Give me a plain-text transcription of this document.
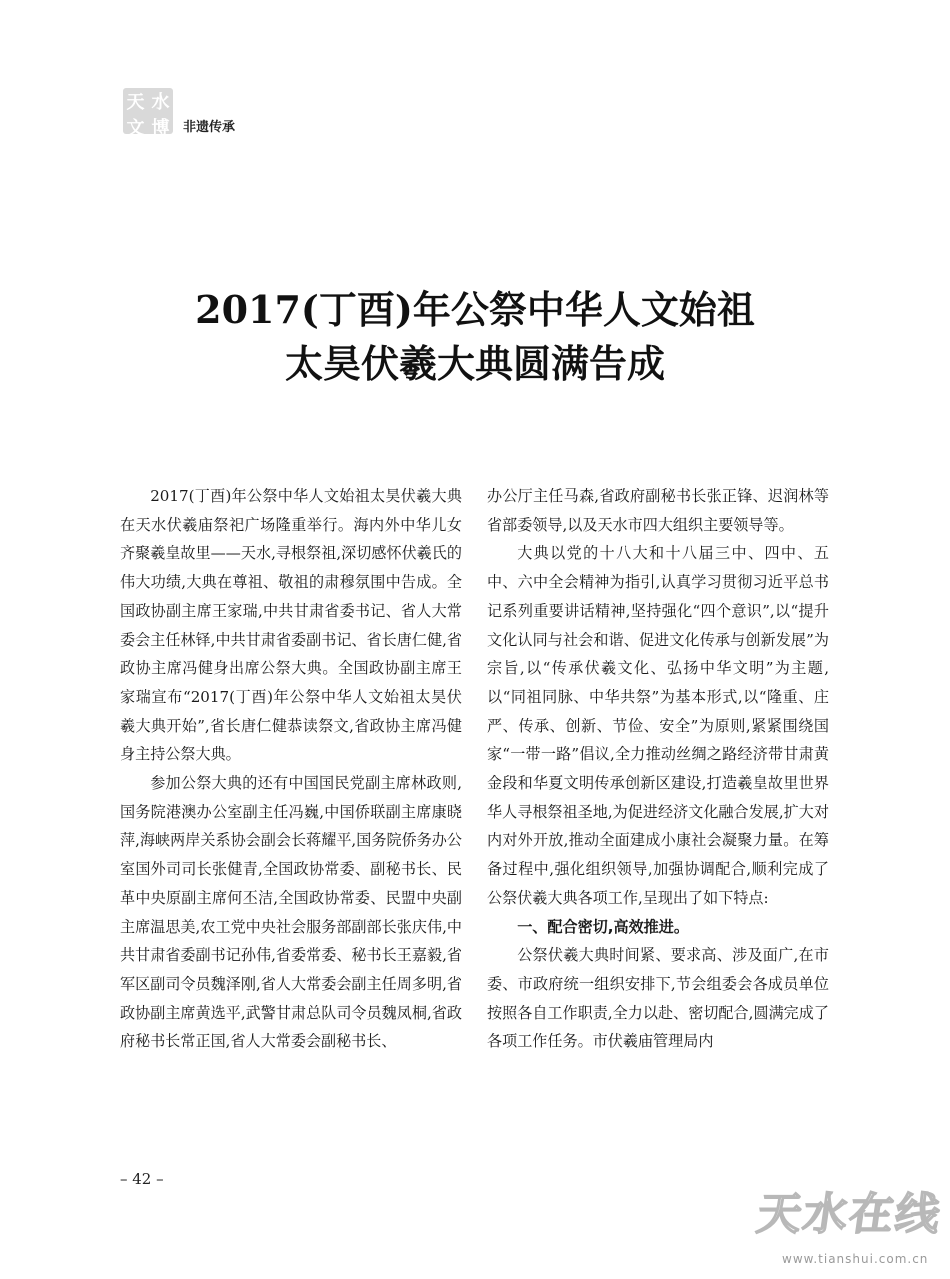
天 水
文 博 非遗传承
2017(丁酉)年公祭中华人文始祖
太昊伏羲大典圆满告成

2017(丁酉)年公祭中华人文始祖太昊伏羲大典在天水伏羲庙祭祀广场隆重举行。海内外中华儿女齐聚羲皇故里——天水,寻根祭祖,深切感怀伏羲氏的伟大功绩,大典在尊祖、敬祖的肃穆氛围中告成。全国政协副主席王家瑞,中共甘肃省委书记、省人大常委会主任林铎,中共甘肃省委副书记、省长唐仁健,省政协主席冯健身出席公祭大典。全国政协副主席王家瑞宣布“2017(丁酉)年公祭中华人文始祖太昊伏羲大典开始”,省长唐仁健恭读祭文,省政协主席冯健身主持公祭大典。

参加公祭大典的还有中国国民党副主席林政则,国务院港澳办公室副主任冯巍,中国侨联副主席康晓萍,海峡两岸关系协会副会长蒋耀平,国务院侨务办公室国外司司长张健青,全国政协常委、副秘书长、民革中央原副主席何丕洁,全国政协常委、民盟中央副主席温思美,农工党中央社会服务部副部长张庆伟,中共甘肃省委副书记孙伟,省委常委、秘书长王嘉毅,省军区副司令员魏泽刚,省人大常委会副主任周多明,省政协副主席黄选平,武警甘肃总队司令员魏凤桐,省政府秘书长常正国,省人大常委会副秘书长、

办公厅主任马森,省政府副秘书长张正锋、迟润林等省部委领导,以及天水市四大组织主要领导等。

大典以党的十八大和十八届三中、四中、五中、六中全会精神为指引,认真学习贯彻习近平总书记系列重要讲话精神,坚持强化“四个意识”,以“提升文化认同与社会和谐、促进文化传承与创新发展”为宗旨,以“传承伏羲文化、弘扬中华文明”为主题,以“同祖同脉、中华共祭”为基本形式,以“隆重、庄严、传承、创新、节俭、安全”为原则,紧紧围绕国家“一带一路”倡议,全力推动丝绸之路经济带甘肃黄金段和华夏文明传承创新区建设,打造羲皇故里世界华人寻根祭祖圣地,为促进经济文化融合发展,扩大对内对外开放,推动全面建成小康社会凝聚力量。在筹备过程中,强化组织领导,加强协调配合,顺利完成了公祭伏羲大典各项工作,呈现出了如下特点:

一、配合密切,高效推进。

公祭伏羲大典时间紧、要求高、涉及面广,在市委、市政府统一组织安排下,节会组委会各成员单位按照各自工作职责,全力以赴、密切配合,圆满完成了各项工作任务。市伏羲庙管理局内

– 42 –
天水在线
www.tianshui.com.cn
